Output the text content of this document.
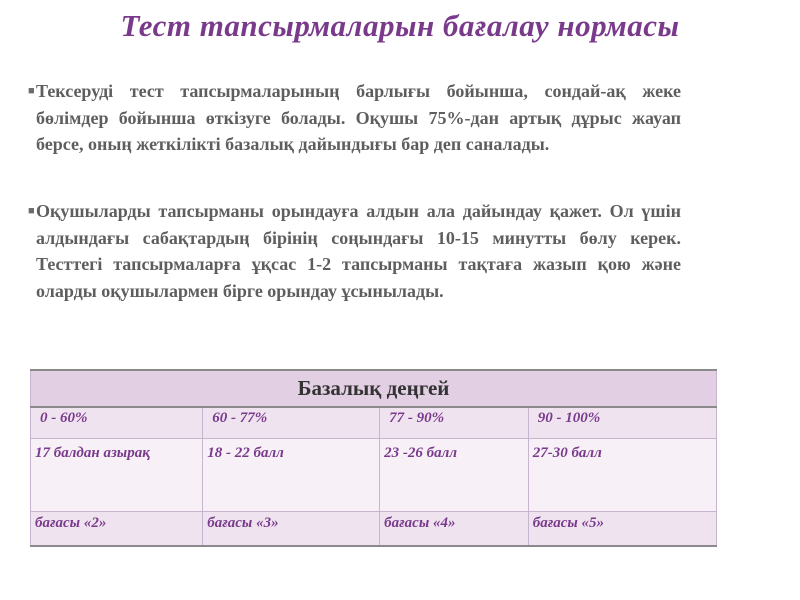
Тест тапсырмаларын бағалау нормасы
■ Тексеруді тест тапсырмаларының барлығы бойынша, сондай-ақ жеке бөлімдер бойынша өткізуге болады. Оқушы 75%-дан артық дұрыс жауап берсе, оның жеткілікті базалық дайындығы бар деп саналады.
■ Оқушыларды тапсырманы орындауға алдын ала дайындау қажет. Ол үшін алдындағы сабақтардың бірінің соңындағы 10-15 минутты бөлу керек. Тесттегі тапсырмаларға ұқсас 1-2 тапсырманы тақтаға жазып қою және оларды оқушылармен бірге орындау ұсынылады.
Базалық деңгей			
0 - 60%	60 - 77%	77 - 90%	90 - 100%
17 балдан азырақ	18 - 22 балл	23 -26 балл	27-30 балл
бағасы «2»	бағасы «3»	бағасы «4»	бағасы «5»
